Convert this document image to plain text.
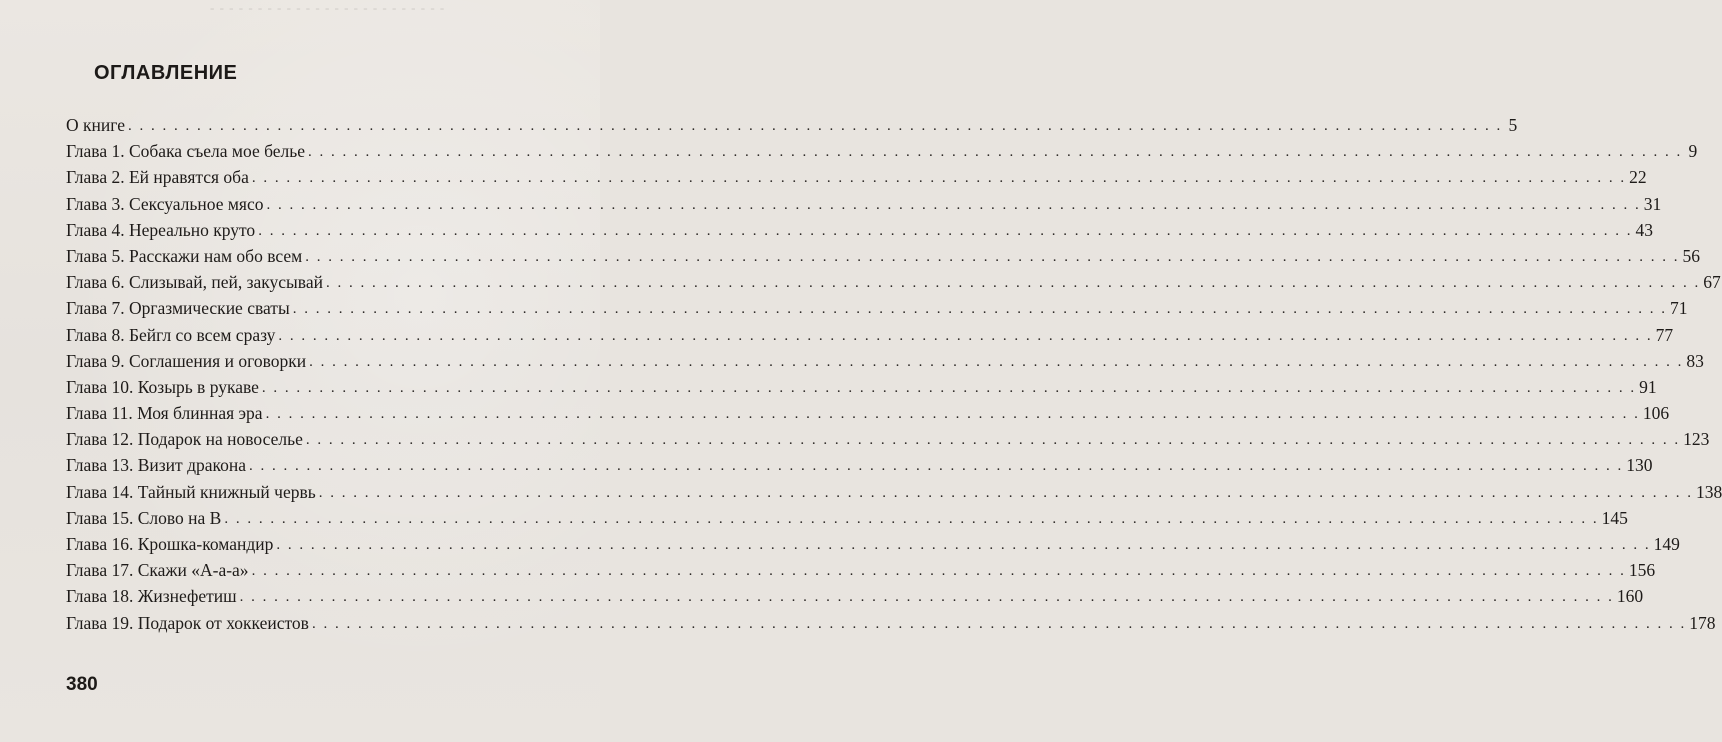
- - - - - - - - - - - - - - - - - - - - - - - - -
ОГЛАВЛЕНИЕ
О книге . . . . . . . . . . . . . . . . . . . . . . . . . . . . . . . . . . . . . . . . . . . . . . . . . . . . . . . . . . . . . . . . . . . . . . . . . . . . . . . . . . . . . . . . . . . . . . . . . . . . . . . . . . . . . . . . . . . . . . . . 5
Глава 1. Собака съела мое белье . . . . . . . . . . . . . . . . . . . . . . . . . . . . . . . . . . . . . . . . . . . . . . . . . . . . . . . . . . . . . . . . . . . . . . . . . . . . . . . . . . . . . . . . . . . . . . . . . . . . . . . . . . . . . . . . . . . . . . . . 9
Глава 2. Ей нравятся оба . . . . . . . . . . . . . . . . . . . . . . . . . . . . . . . . . . . . . . . . . . . . . . . . . . . . . . . . . . . . . . . . . . . . . . . . . . . . . . . . . . . . . . . . . . . . . . . . . . . . . . . . . . . . . . . . . . . . . . . . 22
Глава 3. Сексуальное мясо . . . . . . . . . . . . . . . . . . . . . . . . . . . . . . . . . . . . . . . . . . . . . . . . . . . . . . . . . . . . . . . . . . . . . . . . . . . . . . . . . . . . . . . . . . . . . . . . . . . . . . . . . . . . . . . . . . . . . . . . 31
Глава 4. Нереально круто . . . . . . . . . . . . . . . . . . . . . . . . . . . . . . . . . . . . . . . . . . . . . . . . . . . . . . . . . . . . . . . . . . . . . . . . . . . . . . . . . . . . . . . . . . . . . . . . . . . . . . . . . . . . . . . . . . . . . . . . 43
Глава 5. Расскажи нам обо всем . . . . . . . . . . . . . . . . . . . . . . . . . . . . . . . . . . . . . . . . . . . . . . . . . . . . . . . . . . . . . . . . . . . . . . . . . . . . . . . . . . . . . . . . . . . . . . . . . . . . . . . . . . . . . . . . . . . . . . . . 56
Глава 6. Слизывай, пей, закусывай . . . . . . . . . . . . . . . . . . . . . . . . . . . . . . . . . . . . . . . . . . . . . . . . . . . . . . . . . . . . . . . . . . . . . . . . . . . . . . . . . . . . . . . . . . . . . . . . . . . . . . . . . . . . . . . . . . . . . . . . 67
Глава 7. Оргазмические сваты . . . . . . . . . . . . . . . . . . . . . . . . . . . . . . . . . . . . . . . . . . . . . . . . . . . . . . . . . . . . . . . . . . . . . . . . . . . . . . . . . . . . . . . . . . . . . . . . . . . . . . . . . . . . . . . . . . . . . . . . 71
Глава 8. Бейгл со всем сразу . . . . . . . . . . . . . . . . . . . . . . . . . . . . . . . . . . . . . . . . . . . . . . . . . . . . . . . . . . . . . . . . . . . . . . . . . . . . . . . . . . . . . . . . . . . . . . . . . . . . . . . . . . . . . . . . . . . . . . . . 77
Глава 9. Соглашения и оговорки . . . . . . . . . . . . . . . . . . . . . . . . . . . . . . . . . . . . . . . . . . . . . . . . . . . . . . . . . . . . . . . . . . . . . . . . . . . . . . . . . . . . . . . . . . . . . . . . . . . . . . . . . . . . . . . . . . . . . . . . 83
Глава 10. Козырь в рукаве . . . . . . . . . . . . . . . . . . . . . . . . . . . . . . . . . . . . . . . . . . . . . . . . . . . . . . . . . . . . . . . . . . . . . . . . . . . . . . . . . . . . . . . . . . . . . . . . . . . . . . . . . . . . . . . . . . . . . . . . 91
Глава 11. Моя блинная эра . . . . . . . . . . . . . . . . . . . . . . . . . . . . . . . . . . . . . . . . . . . . . . . . . . . . . . . . . . . . . . . . . . . . . . . . . . . . . . . . . . . . . . . . . . . . . . . . . . . . . . . . . . . . . . . . . . . . . . . . 106
Глава 12. Подарок на новоселье . . . . . . . . . . . . . . . . . . . . . . . . . . . . . . . . . . . . . . . . . . . . . . . . . . . . . . . . . . . . . . . . . . . . . . . . . . . . . . . . . . . . . . . . . . . . . . . . . . . . . . . . . . . . . . . . . . . . . . . . 123
Глава 13. Визит дракона . . . . . . . . . . . . . . . . . . . . . . . . . . . . . . . . . . . . . . . . . . . . . . . . . . . . . . . . . . . . . . . . . . . . . . . . . . . . . . . . . . . . . . . . . . . . . . . . . . . . . . . . . . . . . . . . . . . . . . . . 130
Глава 14. Тайный книжный червь . . . . . . . . . . . . . . . . . . . . . . . . . . . . . . . . . . . . . . . . . . . . . . . . . . . . . . . . . . . . . . . . . . . . . . . . . . . . . . . . . . . . . . . . . . . . . . . . . . . . . . . . . . . . . . . . . . . . . . . . 138
Глава 15. Слово на В . . . . . . . . . . . . . . . . . . . . . . . . . . . . . . . . . . . . . . . . . . . . . . . . . . . . . . . . . . . . . . . . . . . . . . . . . . . . . . . . . . . . . . . . . . . . . . . . . . . . . . . . . . . . . . . . . . . . . . . . 145
Глава 16. Крошка-командир . . . . . . . . . . . . . . . . . . . . . . . . . . . . . . . . . . . . . . . . . . . . . . . . . . . . . . . . . . . . . . . . . . . . . . . . . . . . . . . . . . . . . . . . . . . . . . . . . . . . . . . . . . . . . . . . . . . . . . . . 149
Глава 17. Скажи «А-а-а» . . . . . . . . . . . . . . . . . . . . . . . . . . . . . . . . . . . . . . . . . . . . . . . . . . . . . . . . . . . . . . . . . . . . . . . . . . . . . . . . . . . . . . . . . . . . . . . . . . . . . . . . . . . . . . . . . . . . . . . . 156
Глава 18. Жизнефетиш . . . . . . . . . . . . . . . . . . . . . . . . . . . . . . . . . . . . . . . . . . . . . . . . . . . . . . . . . . . . . . . . . . . . . . . . . . . . . . . . . . . . . . . . . . . . . . . . . . . . . . . . . . . . . . . . . . . . . . . . 160
Глава 19. Подарок от хоккеистов . . . . . . . . . . . . . . . . . . . . . . . . . . . . . . . . . . . . . . . . . . . . . . . . . . . . . . . . . . . . . . . . . . . . . . . . . . . . . . . . . . . . . . . . . . . . . . . . . . . . . . . . . . . . . . . . . . . . . . . . 178
380
